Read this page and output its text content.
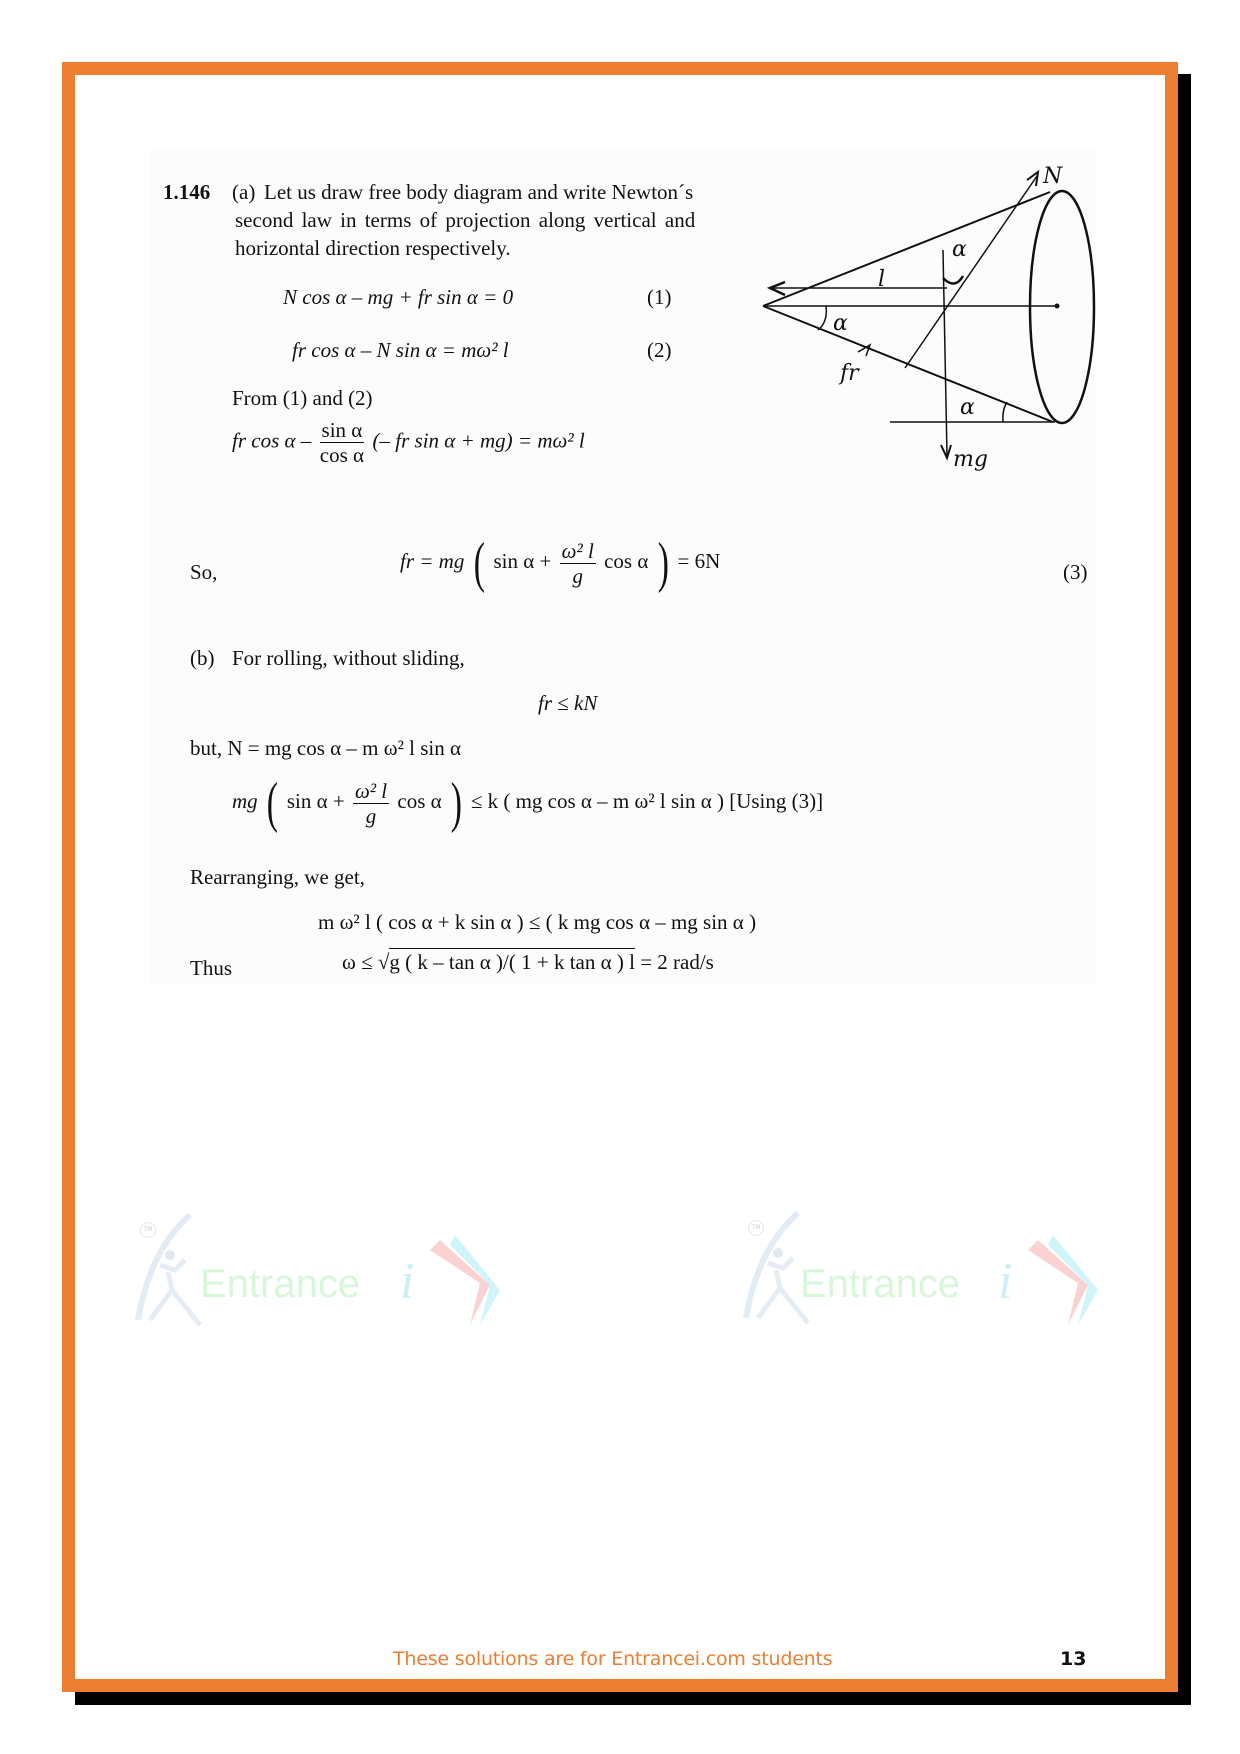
TM
Entrance i
TM
Entrance i
1.146 (a) Let us draw free body diagram and write Newton´s
second law in terms of projection along vertical and
horizontal direction respectively.
N cos α – mg + fr sin α = 0	(1)
fr cos α – N sin α = mω² l	(2)
From (1) and (2)
fr cos α – $\frac{\text{sin α}}{\text{cos α}}$ (– fr sin α + mg) = mω² l
N
l
α
α
α
fr
mg
So,	fr = mg ( $\sin \alpha + \frac{\text{ω² l}}{g}$ cos α ) = 6N	(3)
(b) For rolling, without sliding,
fr ≤ kN
but, N = mg cos α – m ω² l sin α
mg ( $\sin \alpha + \frac{\text{ω² l}}{g}$ cos α ) ≤ k ( mg cos α – m ω² l sin α ) [Using (3)]
Rearranging, we get,
m ω² l ( cos α + k sin α ) ≤ ( k mg cos α – mg sin α )
Thus	ω ≤ √g ( k – tan α )/( 1 + k tan α ) l = 2 rad/s
These solutions are for Entrancei.com students	13
